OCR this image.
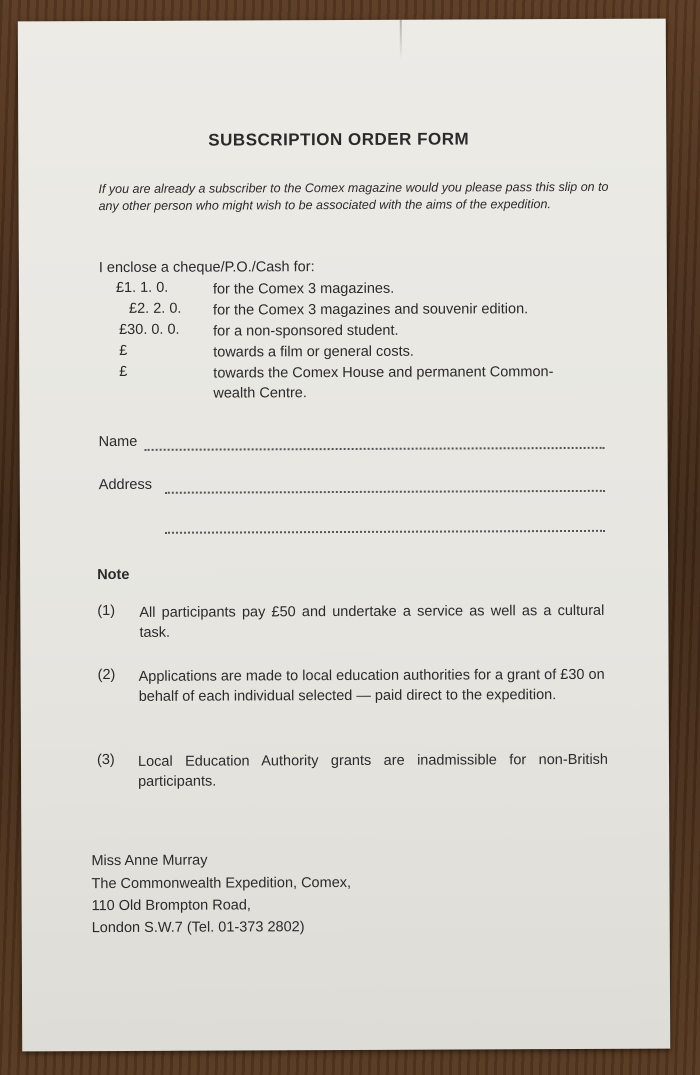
SUBSCRIPTION ORDER FORM
If you are already a subscriber to the Comex magazine would you please pass this slip on to any other person who might wish to be associated with the aims of the expedition.
I enclose a cheque/P.O./Cash for:
£1. 1. 0.	for the Comex 3 magazines.
£2. 2. 0. for the Comex 3 magazines and souvenir edition.
£30. 0. 0. for a non-sponsored student.
£	towards a film or general costs.
£	towards the Comex House and permanent Common-
wealth Centre.
Name
Address
Note
(1) All participants pay £50 and undertake a service as well as a cultural task.
(2) Applications are made to local education authorities for a grant of £30 on behalf of each individual selected — paid direct to the expedition.
(3) Local Education Authority grants are inadmissible for non-British participants.
Miss Anne Murray
The Commonwealth Expedition, Comex,
110 Old Brompton Road,
London S.W.7 (Tel. 01-373 2802)
